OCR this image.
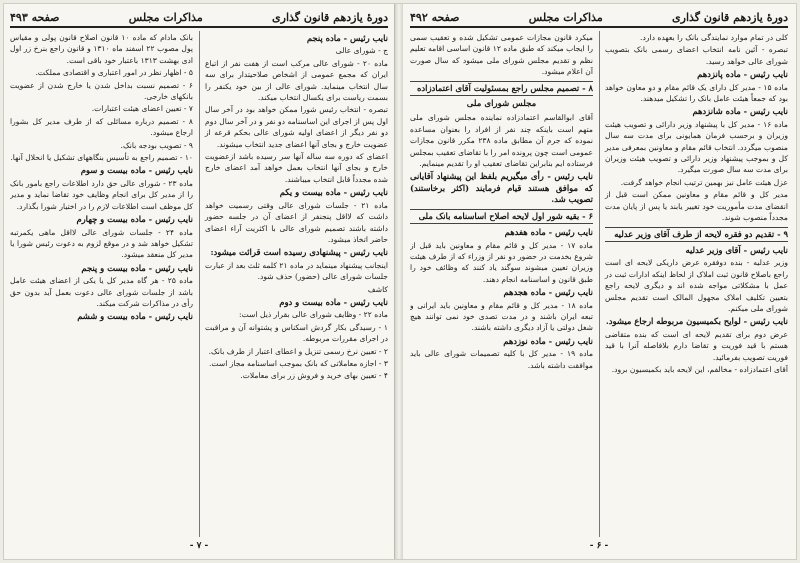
دورهٔ یازدهم قانون گذاری
مذاکرات مجلس
صفحه ۴۹۳

نایب رئیس - ماده پنجم

ج - شورای عالی

ماده ۲۰ - شورای عالی مرکب است از هفت نفر از اتباع ایران که مجمع عمومی از اشخاص صلاحیتدار برای سه سال انتخاب مینماید. شورای عالی از بین خود یکنفر را بسمت ریاست برای یکسال انتخاب میکند.

تبصره - انتخاب رئیس شورا ممکن خواهد بود در آخر سال اول پس از اجرای این اساسنامه دو نفر و در آخر سال دوم دو نفر دیگر از اعضای اولیه شورای عالی بحکم قرعه از عضویت خارج و بجای آنها اعضای جدید انتخاب میشوند.

اعضای که دوره سه ساله آنها سر رسیده باشد ازعضویت خارج و بجای آنها انتخاب بعمل خواهد آمد اعضای خارج شده مجدداً قابل انتخاب میباشند.

نایب رئیس - ماده بیست و یکم

ماده ۲۱ - جلسات شورای عالی وقتی رسمیت خواهد داشت که لااقل پنجنفر از اعضای آن در جلسه حضور داشته باشند تصمیم شورای عالی با اکثریت آراء اعضای حاضر اتخاذ میشود.

نایب رئیس - پیشنهادی رسیده است قرائت میشود:

اینجانب پیشنهاد مینماید در ماده ۲۱ کلمه ثلث بعد از عبارت جلسات شورای عالی (حضور) حذف شود.

کاشف

نایب رئیس - ماده بیست و دوم

ماده ۲۲ - وظایف شورای عالی بقرار ذیل است:

۱ - رسیدگی بکار گردش اسکناس و پشتوانه آن و مراقبت در اجرای مقررات مربوطه.

۲ - تعیین نرخ رسمی تنزیل و اعطای اعتبار از طرف بانک.

۳ - اجازه معاملاتی که بانک بموجب اساسنامه مجاز است.

۴ - تعیین بهای خرید و فروش زر برای معاملات.

بانک مادام که ماده ۱۰ قانون اصلاح قانون پولی و مقیاس پول مصوب ۲۲ اسفند ماه ۱۳۱۰ و قانون راجع بنرخ زر اول ادی بهشت ۱۳۱۳ باعتبار خود باقی است.

۵ - اظهار نظر در امور اعتباری و اقتصادی مملکت.

۶ - تصمیم نسبت بداخل شدن یا خارج شدن از عضویت بانکهای خارجی.

۷ - تعیین اعضای هیئت اعتبارات.

۸ - تصمیم درباره مسائلی که از طرف مدیر کل بشورا ارجاع میشود.

۹ - تصویب بودجه بانک.

۱۰ - تصمیم راجع به تأسیس بنگاههای تشکیل یا انحلال آنها.

نایب رئیس - ماده بیست و سوم

ماده ۲۳ - شورای عالی حق دارد اطلاعات راجع بامور بانک را از مدیر کل برای انجام وظایف خود تقاضا نماید و مدیر کل موظف است اطلاعات لازم را در اختیار شورا بگذارد.

نایب رئیس - ماده بیست و چهارم

ماده ۲۴ - جلسات شورای عالی لااقل ماهی یکمرتبه تشکیل خواهد شد و در موقع لزوم به دعوت رئیس شورا یا مدیر کل منعقد میشود.

نایب رئیس - ماده بیست و پنجم

ماده ۲۵ - هر گاه مدیر کل یا یکی از اعضای هیئت عامل باشد از جلسات شورای عالی دعوت بعمل آید بدون حق رأی در مذاکرات شرکت میکند.

نایب رئیس - ماده بیست و ششم

- ۷ -
دورهٔ یازدهم قانون گذاری
مذاکرات مجلس
صفحه ۴۹۲

کلی در تمام موارد نمایندگی بانک را بعهده دارد.

تبصره - آئین نامه انتخاب اعضای رسمی بانک بتصویب شورای عالی خواهد رسید.

نایب رئیس - ماده پانزدهم

ماده ۱۵ - مدیر کل دارای یک قائم مقام و دو معاون خواهد بود که جمعاً هیئت عامل بانک را تشکیل میدهند.

نایب رئیس - ماده شانزدهم

ماده ۱۶ - مدیر کل با پیشنهاد وزیر دارائی و تصویب هیئت وزیران و برحسب فرمان همایونی برای مدت سه سال منصوب میگردد. انتخاب قائم مقام و معاونین بمعرفی مدیر کل و بموجب پیشنهاد وزیر دارائی و تصویب هیئت وزیران برای مدت سه سال صورت میگیرد.

عزل هیئت عامل نیز بهمین ترتیب انجام خواهد گرفت.

مدیر کل و قائم مقام و معاونین ممکن است قبل از انقضای مدت مأموریت خود تغییر یابند یا پس از پایان مدت مجدداً منصوب شوند.

۹ - تقدیم دو فقره لایحه از طرف آقای وزیر عدلیه

نایب رئیس - آقای وزیر عدلیه

وزیر عدلیه - بنده دوفقره عرض داریکی لایحه ای است راجع باصلاح قانون ثبت املاک از لحاظ اینکه ادارات ثبت در عمل با مشکلاتی مواجه شده اند و دیگری لایحه راجع بتعیین تکلیف املاک مجهول المالک است تقدیم مجلس شورای ملی میکنم.

نایب رئیس - لوایح بکمیسیون مربوطه ارجاع میشود.

عرض دوم برای تقدیم لایحه ای است که بنده متقاضی هستم با قید فوریت و تقاضا دارم بلافاصله آنرا با قید فوریت تصویب بفرمائید.

آقای اعتمادزاده - مخالفم، این لایحه باید بکمیسیون برود.

میکرد قانون مجازات عمومی تشکیل شده و تعقیب سمی را ایجاب میکند که طبق ماده ۱۲ قانون اساسی اقامه تعلیم نظم و تقدیم مجلس شورای ملی میشود که سال صورت آن اعلام میشود.

۸ - تصمیم مجلس راجع بمسئولیت آقای اعتمادزاده

مجلس شورای ملی

آقای ابوالقاسم اعتمادزاده نماینده مجلس شورای ملی متهم است باینکه چند نفر از افراد را بعنوان مساعده نموده که جرم آن مطابق ماده ۲۳۸ مکرر قانون مجازات عمومی است چون پرونده امر را با تقاضای تعقیب بمجلس فرستاده ایم بنابراین تقاضای تعقیب او را تقدیم مینمایم.

نایب رئیس - رأی میگیریم بلفظ این پیشنهاد آقایانی که موافق هستند قیام فرمایند (اکثر برخاستند) تصویب شد.

۶ - بقیه شور اول لایحه اصلاح اساسنامه بانک ملی

نایب رئیس - ماده هفدهم

ماده ۱۷ - مدیر کل و قائم مقام و معاونین باید قبل از شروع بخدمت در حضور دو نفر از وزراء که از طرف هیئت وزیران تعیین میشوند سوگند یاد کنند که وظائف خود را طبق قانون و اساسنامه انجام دهند.

نایب رئیس - ماده هجدهم

ماده ۱۸ - مدیر کل و قائم مقام و معاونین باید ایرانی و تبعه ایران باشند و در مدت تصدی خود نمی توانند هیچ شغل دولتی یا آزاد دیگری داشته باشند.

نایب رئیس - ماده نوزدهم

ماده ۱۹ - مدیر کل با کلیه تصمیمات شورای عالی باید موافقت داشته باشد.

- ۶ -
